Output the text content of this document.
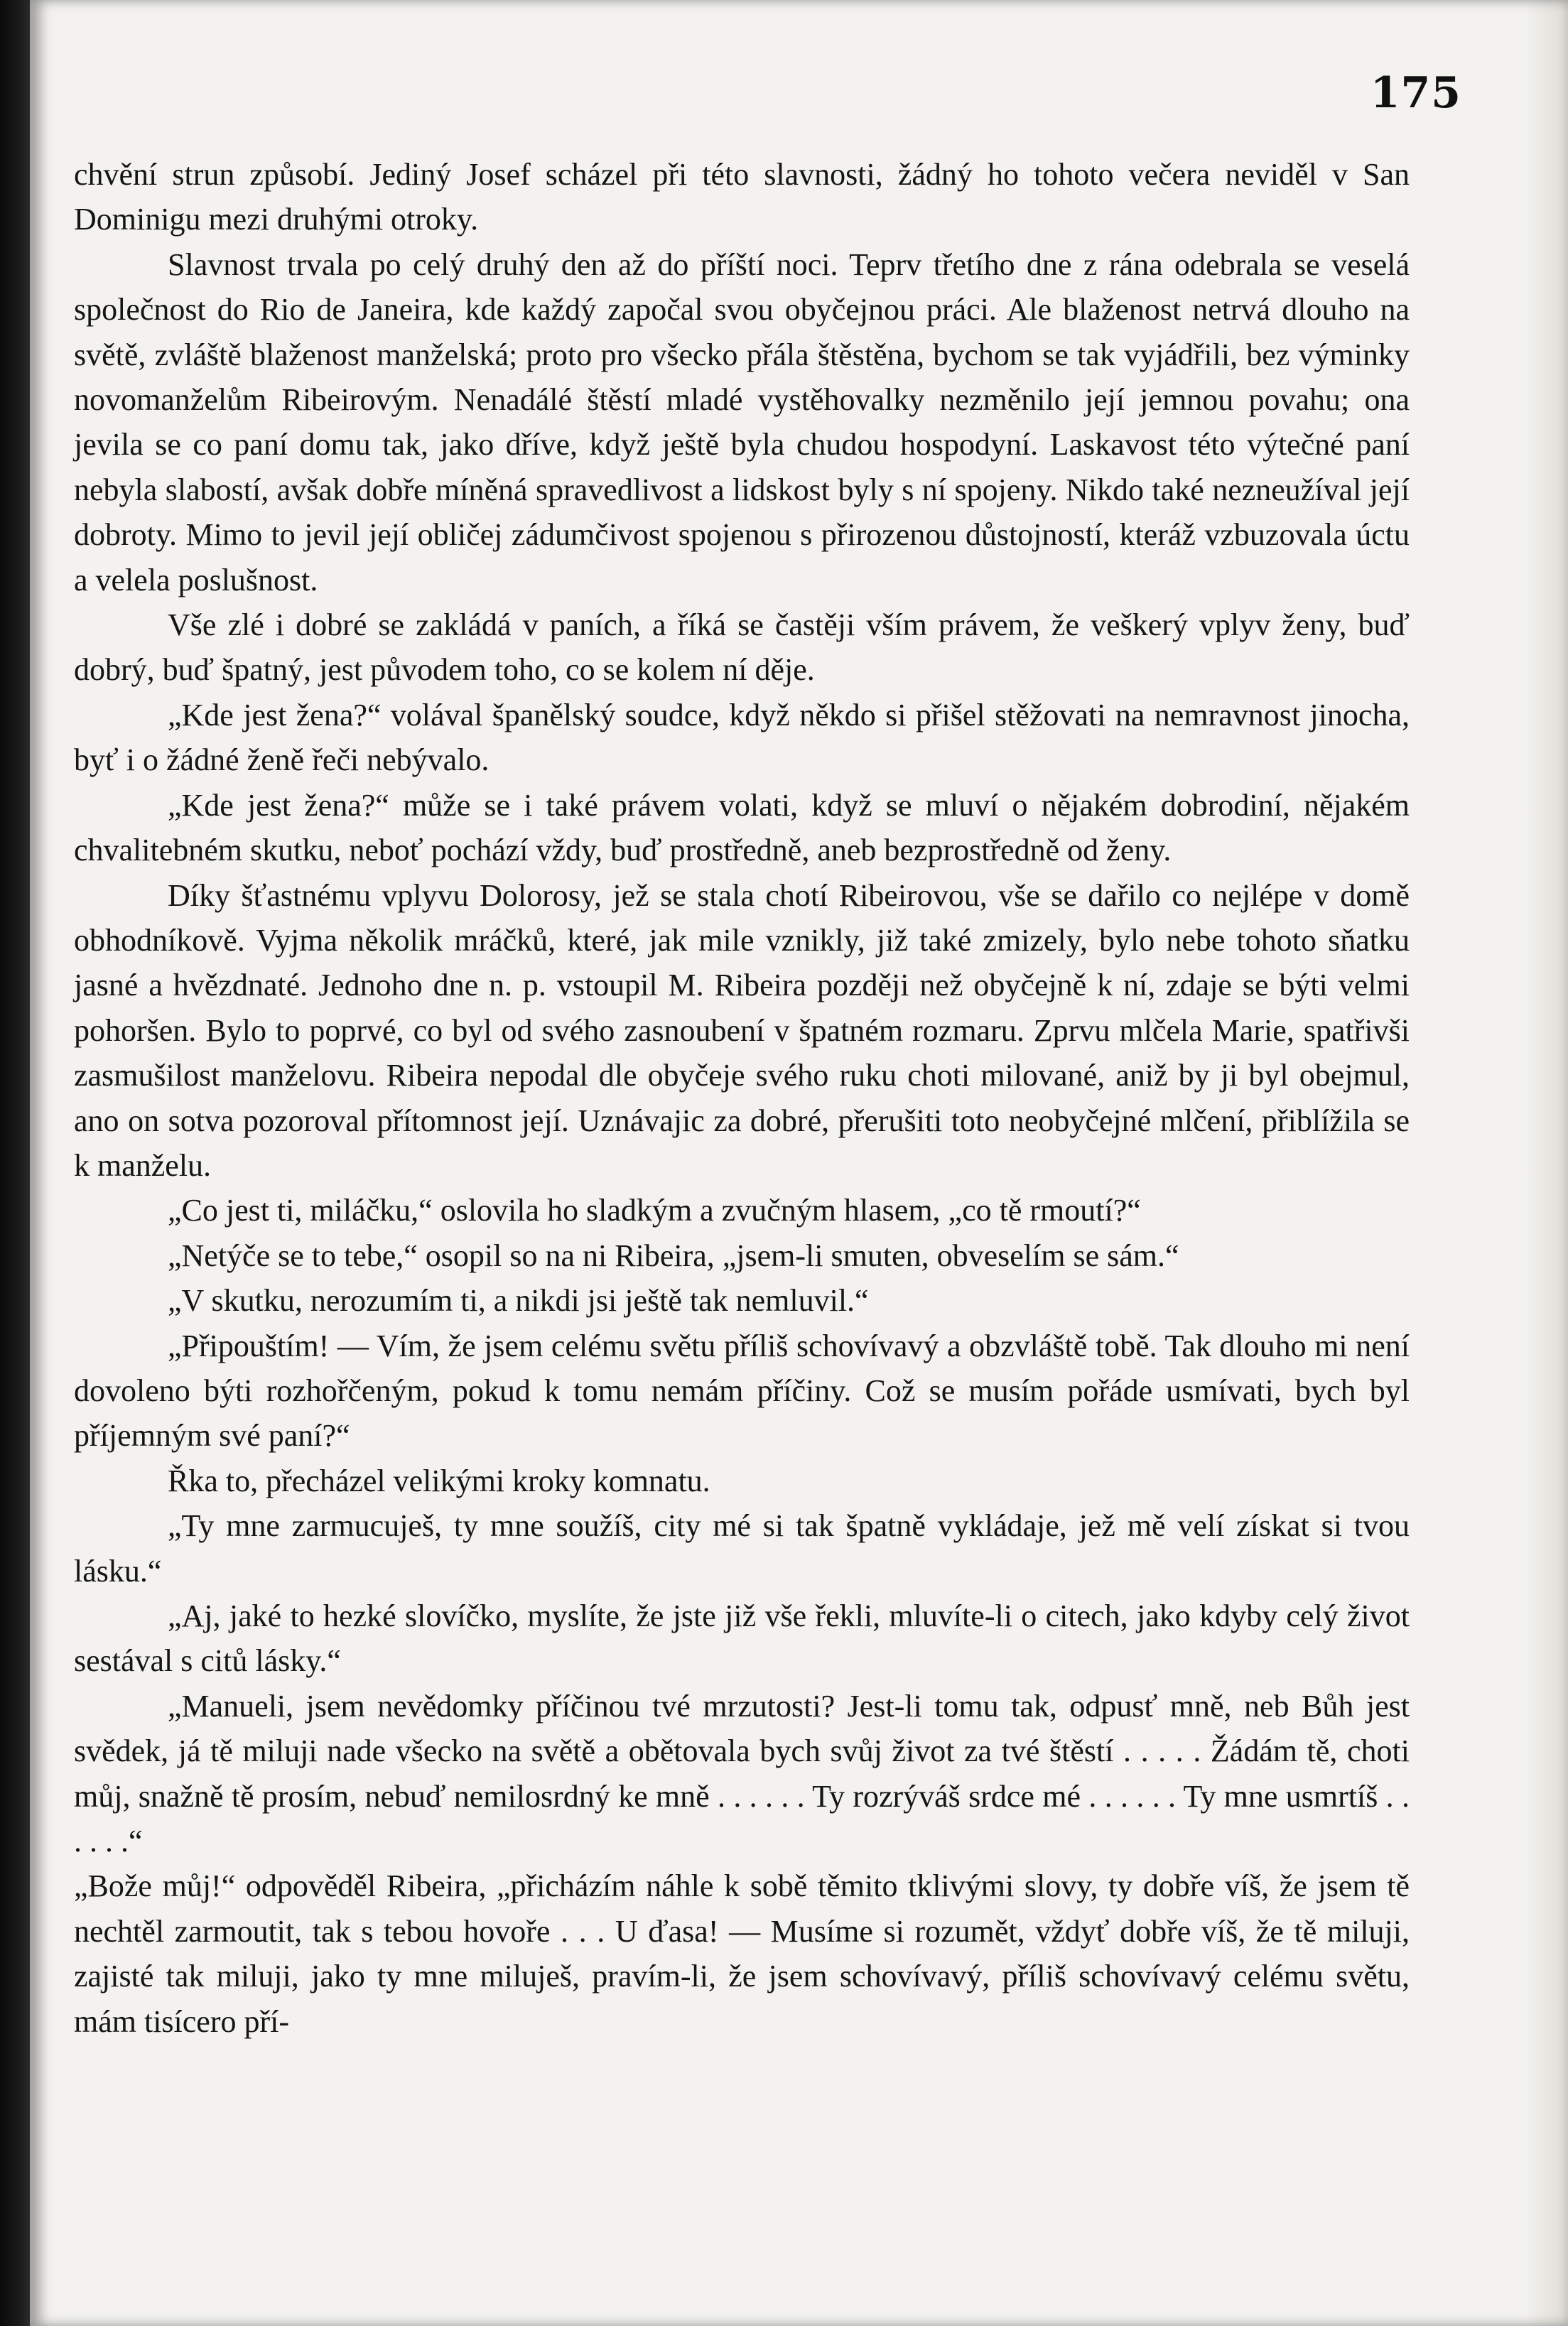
175

chvění strun způsobí. Jediný Josef scházel při této slavnosti, žádný ho tohoto večera neviděl v San Dominigu mezi druhými otroky.

Slavnost trvala po celý druhý den až do příští noci. Teprv třetího dne z rána odebrala se veselá společnost do Rio de Janeira, kde každý započal svou obyčejnou práci. Ale blaženost netrvá dlouho na světě, zvláště blaženost manželská; proto pro všecko přála štěstěna, bychom se tak vyjádřili, bez výminky novomanželům Ribeirovým. Nenadálé štěstí mladé vystěhovalky nezměnilo její jemnou povahu; ona jevila se co paní domu tak, jako dříve, když ještě byla chudou hospodyní. Laskavost této výtečné paní nebyla slabostí, avšak dobře míněná spravedlivost a lidskost byly s ní spojeny. Nikdo také neznеužíval její dobroty. Mimo to jevil její obličej zádumčivost spojenou s přirozenou důstojností, kteráž vzbuzovala úctu a velela poslušnost.

Vše zlé i dobré se zakládá v paních, a říká se častěji vším právem, že veškerý vplyv ženy, buď dobrý, buď špatný, jest původem toho, co se kolem ní děje.

„Kde jest žena?“ volával španělský soudce, když někdo si přišel stěžovati na nemravnost jinocha, byť i o žádné ženě řeči nebývalo.

„Kde jest žena?“ může se i také právem volati, když se mluví o nějakém dobrodiní, nějakém chvalitebném skutku, neboť pochází vždy, buď prostředně, aneb bezprostředně od ženy.

Díky šťastnému vplyvu Dolorosy, jež se stala chotí Ribeirovou, vše se dařilo co nejlépe v domě obhodníkově. Vyjma několik mráčků, které, jak mile vznikly, již také zmizely, bylo nebe tohoto sňatku jasné a hvězdnaté. Jednoho dne n. p. vstoupil M. Ribeira později než obyčejně k ní, zdaje se býti velmi pohoršen. Bylo to poprvé, co byl od svého zasnoubení v špatném rozmaru. Zprvu mlčela Marie, spatřivši zasmušilost manželovu. Ribeira nepodal dle obyčeje svého ruku choti milované, aniž by ji byl obejmul, ano on sotva pozoroval přítomnost její. Uznávajic za dobré, přerušiti toto neobyčejné mlčení, přiblížila se k manželu.

„Co jest ti, miláčku,“ oslovila ho sladkým a zvučným hlasem, „co tě rmoutí?“

„Netýče se to tebe,“ osopil so na ni Ribeira, „jsem-li smuten, obveselím se sám.“

„V skutku, nerozumím ti, a nikdi jsi ještě tak nemluvil.“

„Připouštím! — Vím, že jsem celému světu příliš schovívavý a obzvláště tobě. Tak dlouho mi není dovoleno býti rozhořčeným, pokud k tomu nemám příčiny. Což se musím pořáde usmívati, bych byl příjemným své paní?“

Řka to, přecházel velikými kroky komnatu.

„Ty mne zarmucuješ, ty mne soužíš, city mé si tak špatně vykládaje, jež mě velí získat si tvou lásku.“

„Aj, jaké to hezké slovíčko, myslíte, že jste již vše řekli, mluvíte-li o citech, jako kdyby celý život sestával s citů lásky.“

„Manueli, jsem nevědomky příčinou tvé mrzutosti? Jest-li tomu tak, odpusť mně, neb Bůh jest svědek, já tě miluji nade všecko na světě a obětovala bych svůj život za tvé štěstí . . . . . Žádám tě, choti můj, snažně tě prosím, nebuď nemilosrdný ke mně . . . . . . Ty rozrýváš srdce mé . . . . . . Ty mne usmrtíš . . . . . .“

„Bože můj!“ odpověděl Ribeira, „přicházím náhle k sobě těmito tklivými slovy, ty dobře víš, že jsem tě nechtěl zarmoutit, tak s tebou hovoře . . . U ďasa! — Musíme si rozumět, vždyť dobře víš, že tě miluji, zajisté tak miluji, jako ty mne miluješ, pravím-li, že jsem schovívavý, příliš schovívavý celému světu, mám tisícero pří-
